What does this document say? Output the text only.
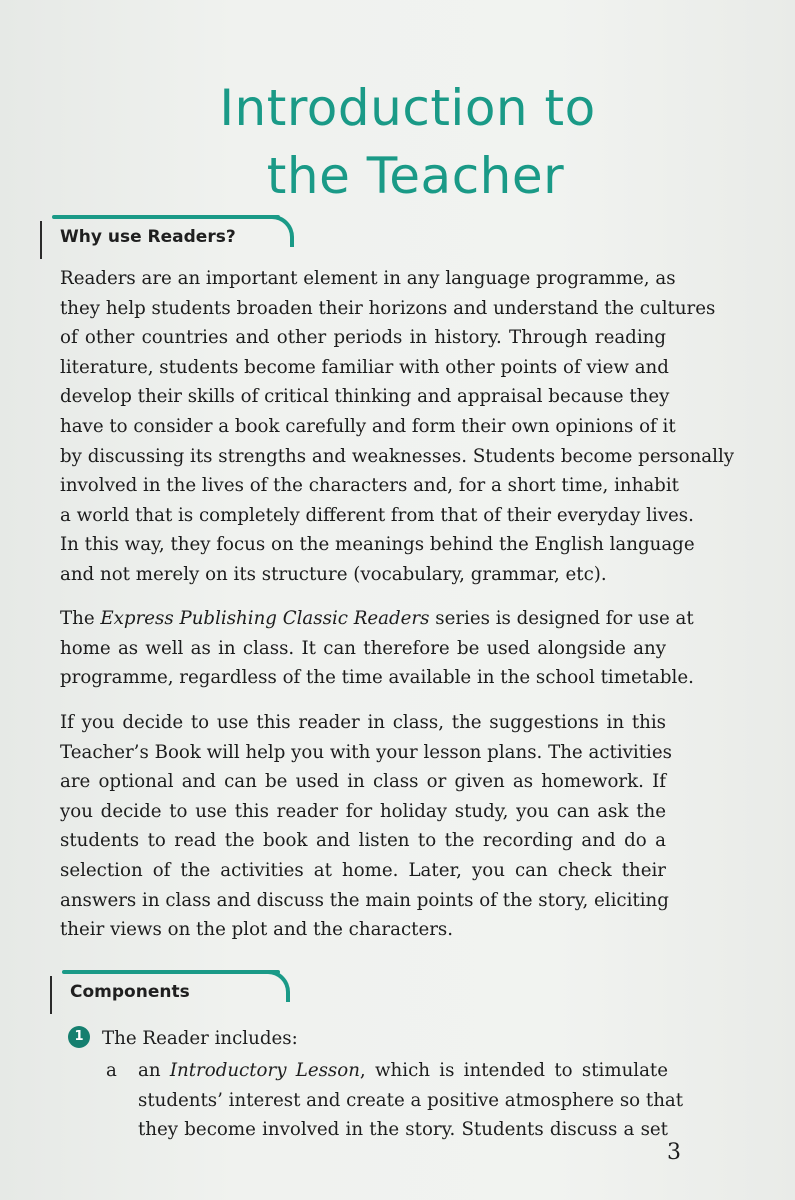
Introduction to
the Teacher
Why use Readers?
Readers are an important element in any language programme, as
they help students broaden their horizons and understand the cultures
of other countries and other periods in history. Through reading
literature, students become familiar with other points of view and
develop their skills of critical thinking and appraisal because they
have to consider a book carefully and form their own opinions of it
by discussing its strengths and weaknesses. Students become personally
involved in the lives of the characters and, for a short time, inhabit
a world that is completely different from that of their everyday lives.
In this way, they focus on the meanings behind the English language
and not merely on its structure (vocabulary, grammar, etc).
The Express Publishing Classic Readers series is designed for use at
home as well as in class. It can therefore be used alongside any
programme, regardless of the time available in the school timetable.
If you decide to use this reader in class, the suggestions in this
Teacher’s Book will help you with your lesson plans. The activities
are optional and can be used in class or given as homework. If
you decide to use this reader for holiday study, you can ask the
students to read the book and listen to the recording and do a
selection of the activities at home. Later, you can check their
answers in class and discuss the main points of the story, eliciting
their views on the plot and the characters.
Components
1 The Reader includes:
a an Introductory Lesson, which is intended to stimulate
students’ interest and create a positive atmosphere so that
they become involved in the story. Students discuss a set
3
